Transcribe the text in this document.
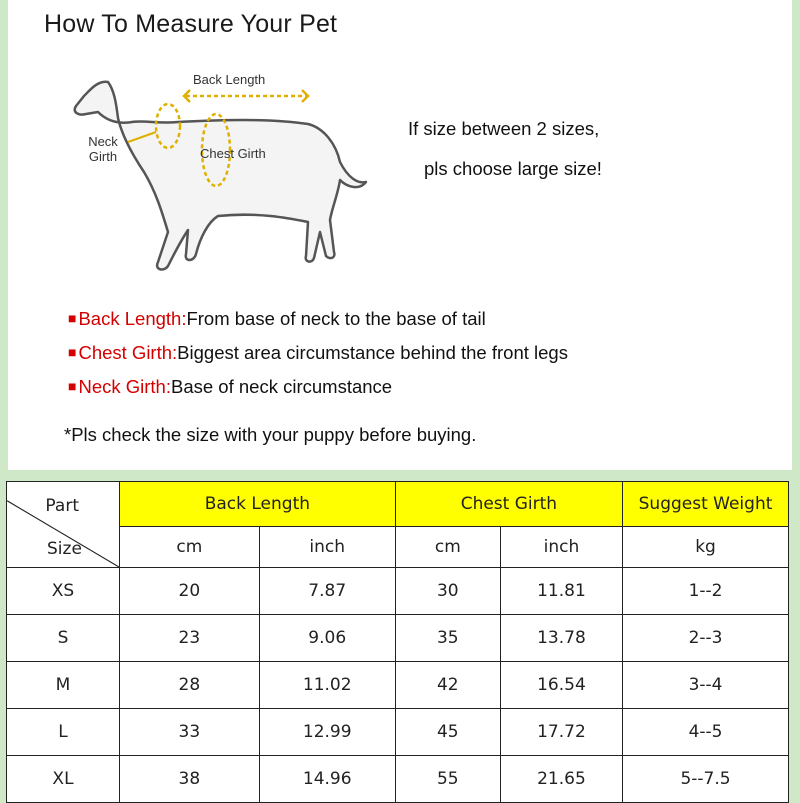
How To Measure Your Pet
Back Length
Neck Girth	Chest Girth
If size between 2 sizes,
pls choose large size!
■ Back Length:From base of neck to the base of tail
■ Chest Girth:Biggest area circumstance behind the front legs
■ Neck Girth:Base of neck circumstance
*Pls check the size with your puppy before buying.
Part
Size	Back Length		Chest Girth		Suggest Weight
	cm	inch	cm	inch	kg
XS	20	7.87	30	11.81	1--2
S	23	9.06	35	13.78	2--3
M	28	11.02	42	16.54	3--4
L	33	12.99	45	17.72	4--5
XL	38	14.96	55	21.65	5--7.5
